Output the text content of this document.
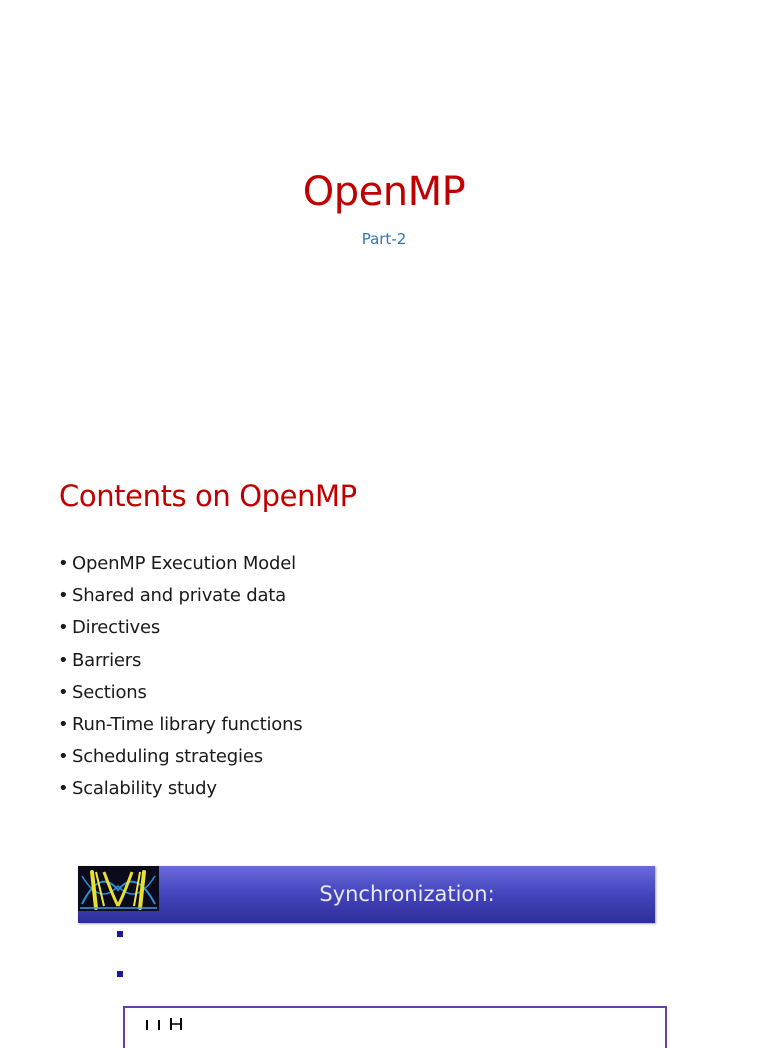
OpenMP
Part-2
Contents on OpenMP
• OpenMP Execution Model
• Shared and private data
• Directives
• Barriers
• Sections
• Run-Time library functions
• Scheduling strategies
• Scalability study
Synchronization:
